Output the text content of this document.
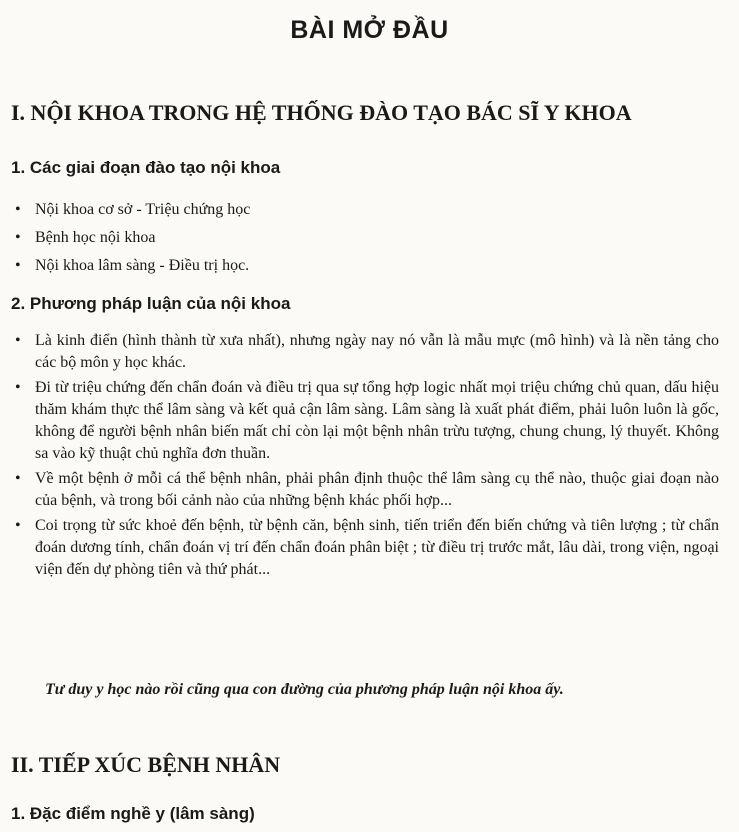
BÀI MỞ ĐẦU
I. NỘI KHOA TRONG HỆ THỐNG ĐÀO TẠO BÁC SĨ Y KHOA
1. Các giai đoạn đào tạo nội khoa
• Nội khoa cơ sở - Triệu chứng học
• Bệnh học nội khoa
• Nội khoa lâm sàng - Điều trị học.
2. Phương pháp luận của nội khoa
• Là kinh điển (hình thành từ xưa nhất), nhưng ngày nay nó vẫn là mẫu mực (mô hình) và là nền tảng cho các bộ môn y học khác.
• Đi từ triệu chứng đến chẩn đoán và điều trị qua sự tổng hợp logic nhất mọi triệu chứng chủ quan, dấu hiệu thăm khám thực thể lâm sàng và kết quả cận lâm sàng. Lâm sàng là xuất phát điểm, phải luôn luôn là gốc, không để người bệnh nhân biến mất chỉ còn lại một bệnh nhân trừu tượng, chung chung, lý thuyết. Không sa vào kỹ thuật chủ nghĩa đơn thuần.
• Về một bệnh ở mỗi cá thể bệnh nhân, phải phân định thuộc thể lâm sàng cụ thể nào, thuộc giai đoạn nào của bệnh, và trong bối cảnh nào của những bệnh khác phối hợp...
• Coi trọng từ sức khoẻ đến bệnh, từ bệnh căn, bệnh sinh, tiến triển đến biến chứng và tiên lượng ; từ chẩn đoán dương tính, chẩn đoán vị trí đến chẩn đoán phân biệt ; từ điều trị trước mắt, lâu dài, trong viện, ngoại viện đến dự phòng tiên và thứ phát...

Tư duy y học nào rồi cũng qua con đường của phương pháp luận nội khoa ấy.

II. TIẾP XÚC BỆNH NHÂN
1. Đặc điểm nghề y (lâm sàng)
